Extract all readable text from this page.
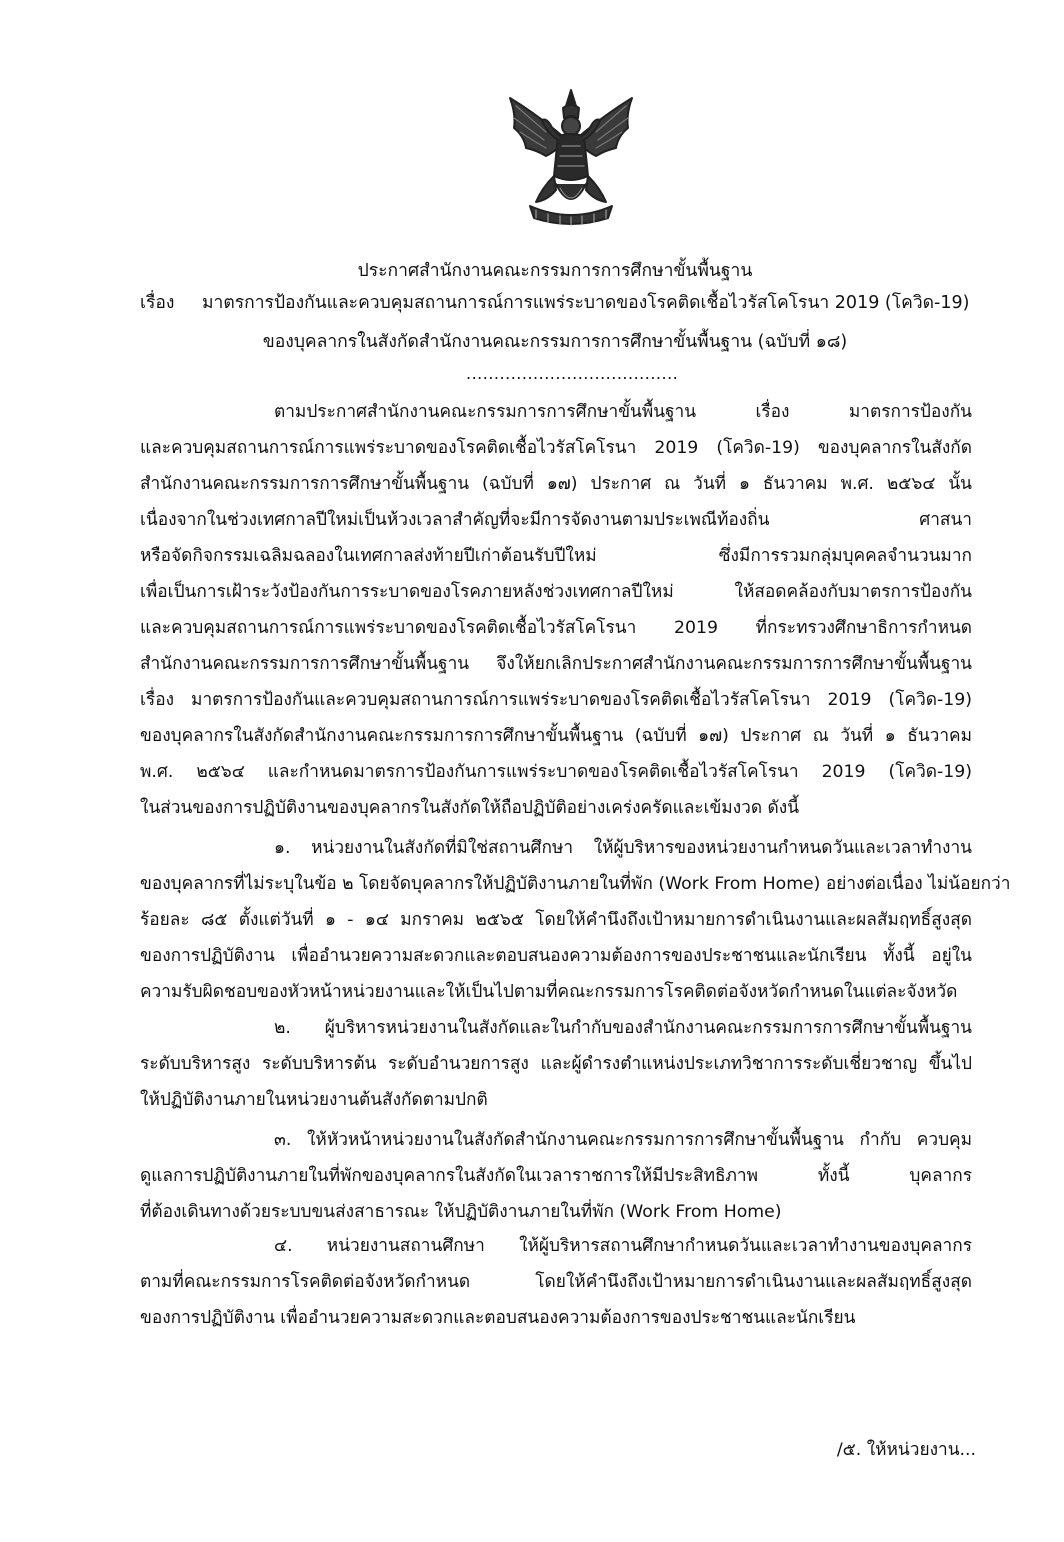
ประกาศสำนักงานคณะกรรมการการศึกษาขั้นพื้นฐาน
เรื่อง มาตรการป้องกันและควบคุมสถานการณ์การแพร่ระบาดของโรคติดเชื้อไวรัสโคโรนา 2019 (โควิด-19)
ของบุคลากรในสังกัดสำนักงานคณะกรรมการการศึกษาขั้นพื้นฐาน (ฉบับที่ ๑๘)
......................................
ตามประกาศสำนักงานคณะกรรมการการศึกษาขั้นพื้นฐาน เรื่อง มาตรการป้องกัน
และควบคุมสถานการณ์การแพร่ระบาดของโรคติดเชื้อไวรัสโคโรนา 2019 (โควิด-19) ของบุคลากรในสังกัด
สำนักงานคณะกรรมการการศึกษาขั้นพื้นฐาน (ฉบับที่ ๑๗) ประกาศ ณ วันที่ ๑ ธันวาคม พ.ศ. ๒๕๖๔ นั้น
เนื่องจากในช่วงเทศกาลปีใหม่เป็นห้วงเวลาสำคัญที่จะมีการจัดงานตามประเพณีท้องถิ่น ศาสนา
หรือจัดกิจกรรมเฉลิมฉลองในเทศกาลส่งท้ายปีเก่าต้อนรับปีใหม่ ซึ่งมีการรวมกลุ่มบุคคลจำนวนมาก
เพื่อเป็นการเฝ้าระวังป้องกันการระบาดของโรคภายหลังช่วงเทศกาลปีใหม่ ให้สอดคล้องกับมาตรการป้องกัน
และควบคุมสถานการณ์การแพร่ระบาดของโรคติดเชื้อไวรัสโคโรนา 2019 ที่กระทรวงศึกษาธิการกำหนด
สำนักงานคณะกรรมการการศึกษาขั้นพื้นฐาน จึงให้ยกเลิกประกาศสำนักงานคณะกรรมการการศึกษาขั้นพื้นฐาน
เรื่อง มาตรการป้องกันและควบคุมสถานการณ์การแพร่ระบาดของโรคติดเชื้อไวรัสโคโรนา 2019 (โควิด-19)
ของบุคลากรในสังกัดสำนักงานคณะกรรมการการศึกษาขั้นพื้นฐาน (ฉบับที่ ๑๗) ประกาศ ณ วันที่ ๑ ธันวาคม
พ.ศ. ๒๕๖๔ และกำหนดมาตรการป้องกันการแพร่ระบาดของโรคติดเชื้อไวรัสโคโรนา 2019 (โควิด-19)
ในส่วนของการปฏิบัติงานของบุคลากรในสังกัดให้ถือปฏิบัติอย่างเคร่งครัดและเข้มงวด ดังนี้
๑. หน่วยงานในสังกัดที่มิใช่สถานศึกษา ให้ผู้บริหารของหน่วยงานกำหนดวันและเวลาทำงาน
ของบุคลากรที่ไม่ระบุในข้อ ๒ โดยจัดบุคลากรให้ปฏิบัติงานภายในที่พัก (Work From Home) อย่างต่อเนื่อง ไม่น้อยกว่า
ร้อยละ ๘๕ ตั้งแต่วันที่ ๑ - ๑๔ มกราคม ๒๕๖๕ โดยให้คำนึงถึงเป้าหมายการดำเนินงานและผลสัมฤทธิ์สูงสุด
ของการปฏิบัติงาน เพื่ออำนวยความสะดวกและตอบสนองความต้องการของประชาชนและนักเรียน ทั้งนี้ อยู่ใน
ความรับผิดชอบของหัวหน้าหน่วยงานและให้เป็นไปตามที่คณะกรรมการโรคติดต่อจังหวัดกำหนดในแต่ละจังหวัด
๒. ผู้บริหารหน่วยงานในสังกัดและในกำกับของสำนักงานคณะกรรมการการศึกษาขั้นพื้นฐาน
ระดับบริหารสูง ระดับบริหารต้น ระดับอำนวยการสูง และผู้ดำรงตำแหน่งประเภทวิชาการระดับเชี่ยวชาญ ขึ้นไป
ให้ปฏิบัติงานภายในหน่วยงานต้นสังกัดตามปกติ
๓. ให้หัวหน้าหน่วยงานในสังกัดสำนักงานคณะกรรมการการศึกษาขั้นพื้นฐาน กำกับ ควบคุม
ดูแลการปฏิบัติงานภายในที่พักของบุคลากรในสังกัดในเวลาราชการให้มีประสิทธิภาพ ทั้งนี้ บุคลากร
ที่ต้องเดินทางด้วยระบบขนส่งสาธารณะ ให้ปฏิบัติงานภายในที่พัก (Work From Home)
๔. หน่วยงานสถานศึกษา ให้ผู้บริหารสถานศึกษากำหนดวันและเวลาทำงานของบุคลากร
ตามที่คณะกรรมการโรคติดต่อจังหวัดกำหนด โดยให้คำนึงถึงเป้าหมายการดำเนินงานและผลสัมฤทธิ์สูงสุด
ของการปฏิบัติงาน เพื่ออำนวยความสะดวกและตอบสนองความต้องการของประชาชนและนักเรียน
/๕. ให้หน่วยงาน...
